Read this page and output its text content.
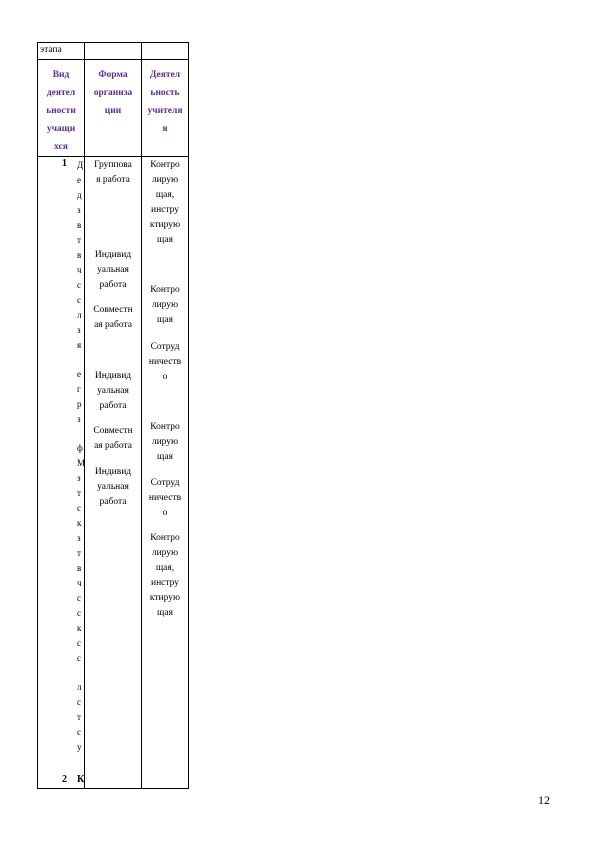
этапа
Вид
деятел
ьности
учащи
хся
Форма
организа
ции
Деятел
ьность
учителя
я
1
2 К
Д
е
д
з
в
т
в
ч
с
с
л
з
я
е
г
р
з
ф
М
з
т
с
к
з
т
в
ч
с
с
к
с
с
л
с
т
с
у
Группова
я работа
Индивид
уальная
работа
Совместн
ая работа
Индивид
уальная
работа
Совместн
ая работа
Индивид
уальная
работа
Контро
лирую
щая,
инстру
ктирую
щая
Контро
лирую
щая
Сотруд
ничеств
о
Контро
лирую
щая
Сотруд
ничеств
о
Контро
лирую
щая,
инстру
ктирую
щая
12
